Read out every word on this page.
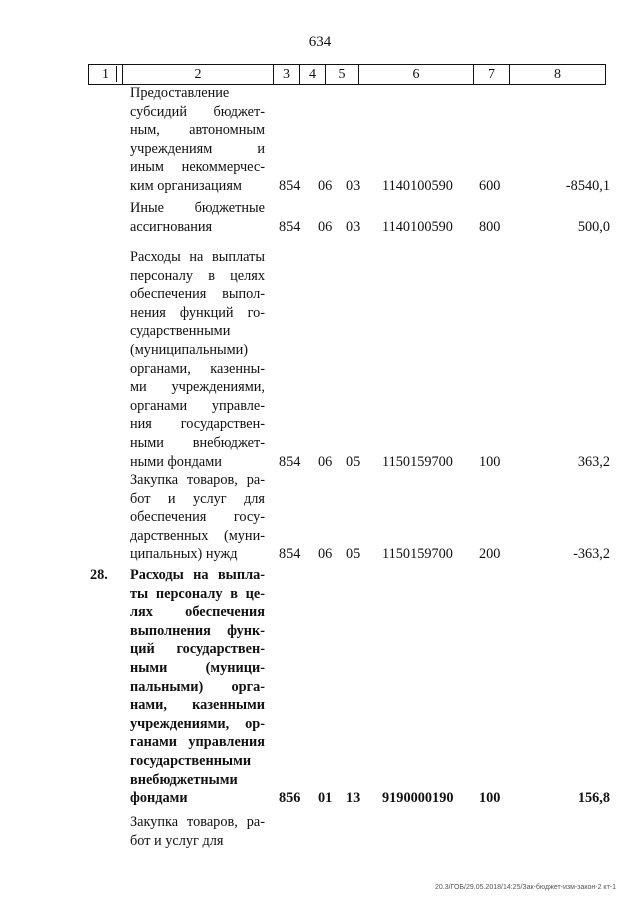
634
1	2	3	4	5	6	7	8
Предоставление
субсидий бюджет-
ным, автономным
учреждениям и
иным некоммерчес-
ким организациям	854 06 03 1140100590 600	-8540,1
Иные бюджетные
ассигнования	854 06 03 1140100590 800	500,0
Расходы на выплаты
персоналу в целях
обеспечения выпол-
нения функций го-
сударственными
(муниципальными)
органами, казенны-
ми учреждениями,
органами управле-
ния государствен-
ными внебюджет-
ными фондами	854 06 05 1150159700 100	363,2
Закупка товаров, ра-
бот и услуг для
обеспечения госу-
дарственных (муни-
ципальных) нужд	854 06 05 1150159700 200	-363,2
28. Расходы на выпла-
ты персоналу в це-
лях обеспечения
выполнения функ-
ций государствен-
ными (муници-
пальными) орга-
нами, казенными
учреждениями, ор-
ганами управления
государственными
внебюджетными
фондами	856 01 13 9190000190 100	156,8
Закупка товаров, ра-
бот и услуг для
20.3/ГОБ/29.05.2018/14:25/Зак-бюджет-изм-закон-2 кт-1
